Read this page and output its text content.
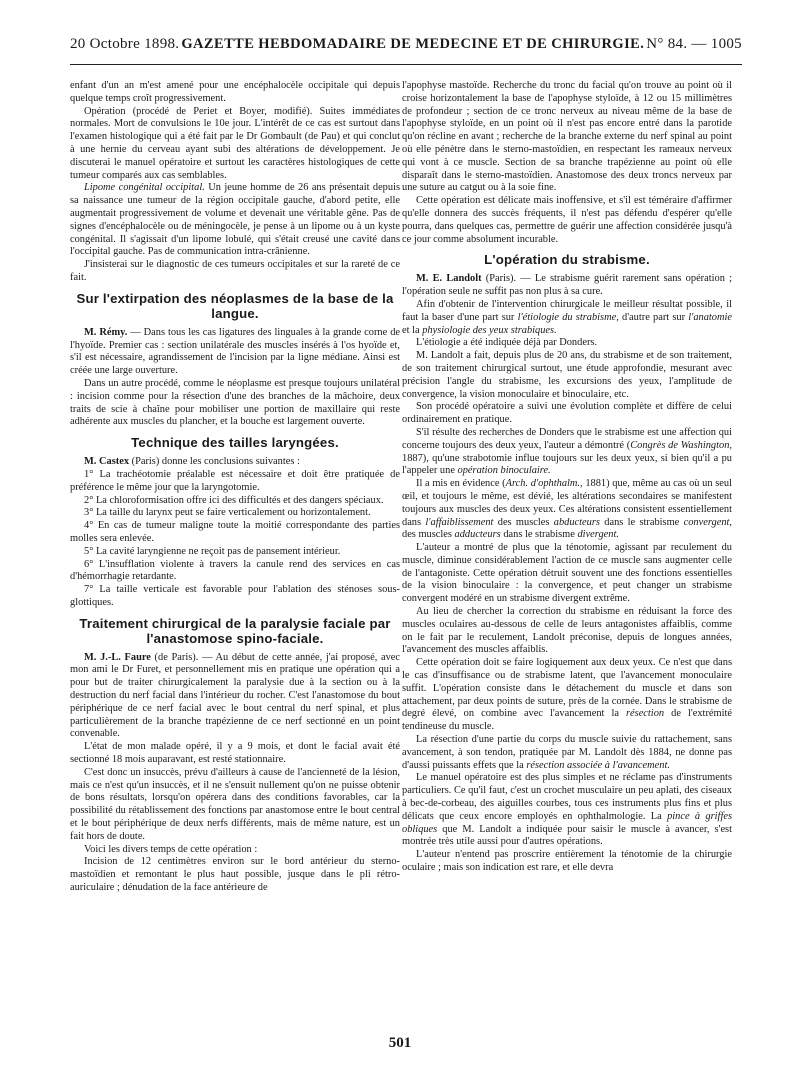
20 Octobre 1898. GAZETTE HEBDOMADAIRE DE MEDECINE ET DE CHIRURGIE. N° 84. — 1005

enfant d'un an m'est amené pour une encéphalocèle occipitale qui depuis quelque temps croît progressivement.

Opération (procédé de Periet et Boyer, modifié). Suites immédiates normales. Mort de convulsions le 10e jour. L'intérêt de ce cas est surtout dans l'examen histologique qui a été fait par le Dr Gombault (de Pau) et qui conclut à une hernie du cerveau ayant subi des altérations de développement. Je discuterai le manuel opératoire et surtout les caractères histologiques de cette tumeur comparés aux cas semblables.

Lipome congénital occipital. Un jeune homme de 26 ans présentait depuis sa naissance une tumeur de la région occipitale gauche, d'abord petite, elle augmentait progressivement de volume et devenait une véritable gêne. Pas de signes d'encéphalocèle ou de méningocèle, je pense à un lipome ou à un kyste congénital. Il s'agissait d'un lipome lobulé, qui s'était creusé une cavité dans l'occipital gauche. Pas de communication intra-crânienne.

J'insisterai sur le diagnostic de ces tumeurs occipitales et sur la rareté de ce fait.

Sur l'extirpation des néoplasmes de la base de la langue.

M. Rémy. — Dans tous les cas ligatures des linguales à la grande corne de l'hyoïde. Premier cas : section unilatérale des muscles insérés à l'os hyoïde et, s'il est nécessaire, agrandissement de l'incision par la ligne médiane. Ainsi est créée une large ouverture.

Dans un autre procédé, comme le néoplasme est presque toujours unilatéral : incision comme pour la résection d'une des branches de la mâchoire, deux traits de scie à chaîne pour mobiliser une portion de maxillaire qui reste adhérente aux muscles du plancher, et la bouche est largement ouverte.

Technique des tailles laryngées.

M. Castex (Paris) donne les conclusions suivantes :

1° La trachéotomie préalable est nécessaire et doit être pratiquée de préférence le même jour que la laryngotomie.

2° La chloroformisation offre ici des difficultés et des dangers spéciaux.

3° La taille du larynx peut se faire verticalement ou horizontalement.

4° En cas de tumeur maligne toute la moitié correspondante des parties molles sera enlevée.

5° La cavité laryngienne ne reçoit pas de pansement intérieur.

6° L'insufflation violente à travers la canule rend des services en cas d'hémorrhagie retardante.

7° La taille verticale est favorable pour l'ablation des sténoses sous-glottiques.

Traitement chirurgical de la paralysie faciale par l'anastomose spino-faciale.

M. J.-L. Faure (de Paris). — Au début de cette année, j'ai proposé, avec mon ami le Dr Furet, et personnellement mis en pratique une opération qui a pour but de traiter chirurgicalement la paralysie due à la section ou à la destruction du nerf facial dans l'intérieur du rocher. C'est l'anastomose du bout périphérique de ce nerf facial avec le bout central du nerf spinal, et plus particulièrement de la branche trapézienne de ce nerf sectionné en un point convenable.

L'état de mon malade opéré, il y a 9 mois, et dont le facial avait été sectionné 18 mois auparavant, est resté stationnaire.

C'est donc un insuccès, prévu d'ailleurs à cause de l'ancienneté de la lésion, mais ce n'est qu'un insuccès, et il ne s'ensuit nullement qu'on ne puisse obtenir de bons résultats, lorsqu'on opérera dans des conditions favorables, car la possibilité du rétablissement des fonctions par anastomose entre le bout central et le bout périphérique de deux nerfs différents, mais de même nature, est un fait hors de doute.

Voici les divers temps de cette opération :

Incision de 12 centimètres environ sur le bord antérieur du sterno-mastoïdien et remontant le plus haut possible, jusque dans le pli rétro-auriculaire ; dénudation de la face antérieure de

l'apophyse mastoïde. Recherche du tronc du facial qu'on trouve au point où il croise horizontalement la base de l'apophyse styloïde, à 12 ou 15 millimètres de profondeur ; section de ce tronc nerveux au niveau même de la base de l'apophyse styloïde, en un point où il n'est pas encore entré dans la parotide qu'on récline en avant ; recherche de la branche externe du nerf spinal au point où elle pénètre dans le sterno-mastoïdien, en respectant les rameaux nerveux qui vont à ce muscle. Section de sa branche trapézienne au point où elle disparaît dans le sterno-mastoïdien. Anastomose des deux troncs nerveux par une suture au catgut ou à la soie fine.

Cette opération est délicate mais inoffensive, et s'il est téméraire d'affirmer qu'elle donnera des succès fréquents, il n'est pas défendu d'espérer qu'elle pourra, dans quelques cas, permettre de guérir une affection considérée jusqu'à ce jour comme absolument incurable.

L'opération du strabisme.

M. E. Landolt (Paris). — Le strabisme guérit rarement sans opération ; l'opération seule ne suffit pas non plus à sa cure.

Afin d'obtenir de l'intervention chirurgicale le meilleur résultat possible, il faut la baser d'une part sur l'étiologie du strabisme, d'autre part sur l'anatomie et la physiologie des yeux strabiques.

L'étiologie a été indiquée déjà par Donders.

M. Landolt a fait, depuis plus de 20 ans, du strabisme et de son traitement, de son traitement chirurgical surtout, une étude approfondie, mesurant avec précision l'angle du strabisme, les excursions des yeux, l'amplitude de convergence, la vision monoculaire et binoculaire, etc.

Son procédé opératoire a suivi une évolution complète et diffère de celui ordinairement en pratique.

S'il résulte des recherches de Donders que le strabisme est une affection qui concerne toujours des deux yeux, l'auteur a démontré (Congrès de Washington, 1887), qu'une strabotomie influe toujours sur les deux yeux, si bien qu'il a pu l'appeler une opération binoculaire.

Il a mis en évidence (Arch. d'ophthalm., 1881) que, même au cas où un seul œil, et toujours le même, est dévié, les altérations secondaires se manifestent toujours aux muscles des deux yeux. Ces altérations consistent essentiellement dans l'affaiblissement des muscles abducteurs dans le strabisme convergent, des muscles adducteurs dans le strabisme divergent.

L'auteur a montré de plus que la ténotomie, agissant par reculement du muscle, diminue considérablement l'action de ce muscle sans augmenter celle de l'antagoniste. Cette opération détruit souvent une des fonctions essentielles de la vision binoculaire : la convergence, et peut changer un strabisme convergent modéré en un strabisme divergent extrême.

Au lieu de chercher la correction du strabisme en réduisant la force des muscles oculaires au-dessous de celle de leurs antagonistes affaiblis, comme on le fait par le reculement, Landolt préconise, depuis de longues années, l'avancement des muscles affaiblis.

Cette opération doit se faire logiquement aux deux yeux. Ce n'est que dans le cas d'insuffisance ou de strabisme latent, que l'avancement monoculaire suffit. L'opération consiste dans le détachement du muscle et dans son attachement, par deux points de suture, près de la cornée. Dans le strabisme de degré élevé, on combine avec l'avancement la résection de l'extrémité tendineuse du muscle.

La résection d'une partie du corps du muscle suivie du rattachement, sans avancement, à son tendon, pratiquée par M. Landolt dès 1884, ne donne pas d'aussi puissants effets que la résection associée à l'avancement.

Le manuel opératoire est des plus simples et ne réclame pas d'instruments particuliers. Ce qu'il faut, c'est un crochet musculaire un peu aplati, des ciseaux à bec-de-corbeau, des aiguilles courbes, tous ces instruments plus fins et plus délicats que ceux encore employés en ophthalmologie. La pince à griffes obliques que M. Landolt a indiquée pour saisir le muscle à avancer, s'est montrée très utile aussi pour d'autres opérations.

L'auteur n'entend pas proscrire entièrement la ténotomie de la chirurgie oculaire ; mais son indication est rare, et elle devra

501
